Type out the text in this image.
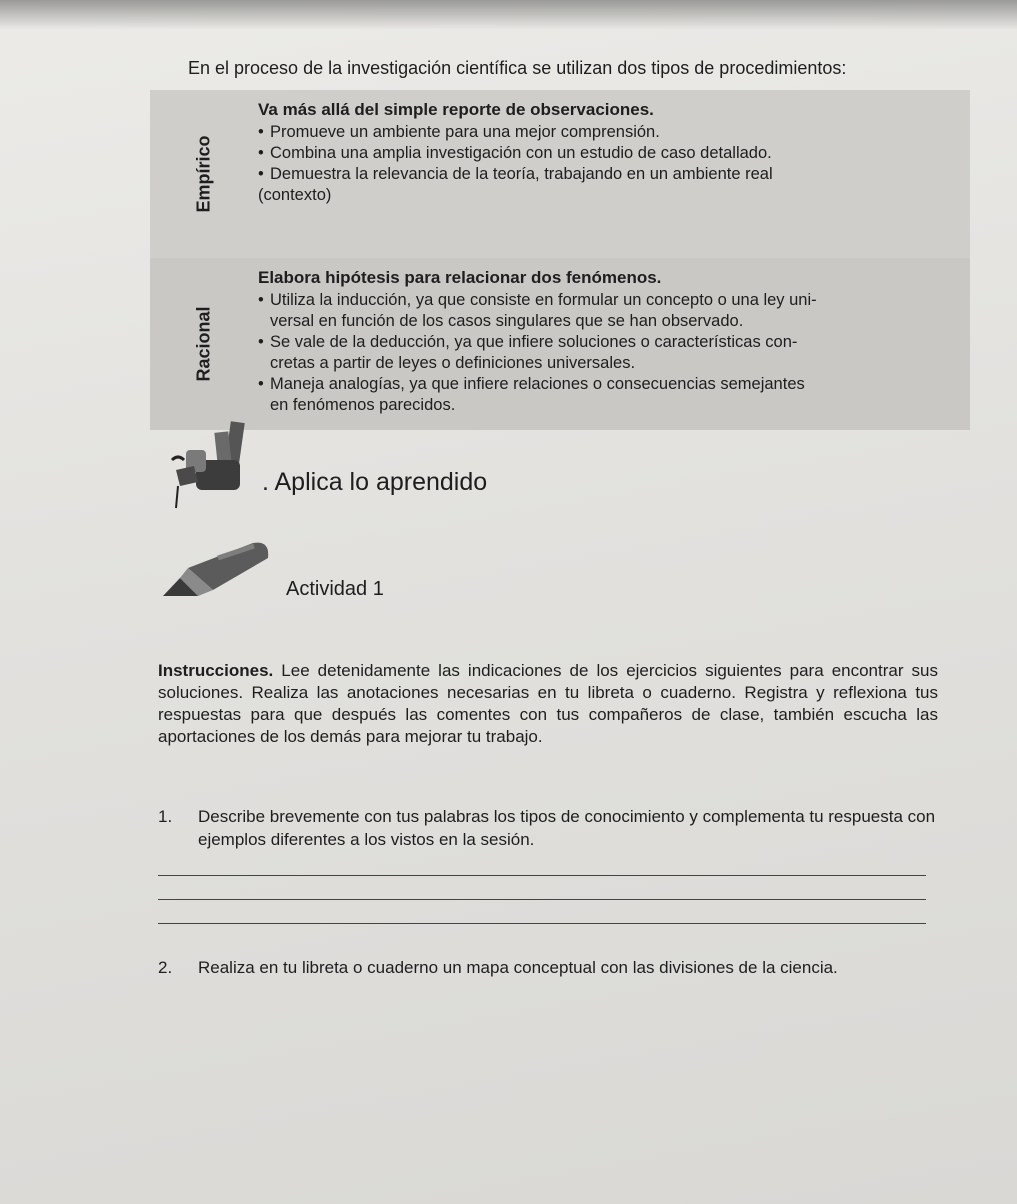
En el proceso de la investigación científica se utilizan dos tipos de procedimientos:
Empírico
Va más allá del simple reporte de observaciones.
• Promueve un ambiente para una mejor comprensión.
• Combina una amplia investigación con un estudio de caso detallado.
• Demuestra la relevancia de la teoría, trabajando en un ambiente real
(contexto)
Racional
Elabora hipótesis para relacionar dos fenómenos.
• Utiliza la inducción, ya que consiste en formular un concepto o una ley uni-
versal en función de los casos singulares que se han observado.
• Se vale de la deducción, ya que infiere soluciones o características con-
cretas a partir de leyes o definiciones universales.
• Maneja analogías, ya que infiere relaciones o consecuencias semejantes
en fenómenos parecidos.
. Aplica lo aprendido
Actividad 1
Instrucciones. Lee detenidamente las indicaciones de los ejercicios siguientes para encontrar sus soluciones. Realiza las anotaciones necesarias en tu libreta o cuaderno. Registra y reflexiona tus respuestas para que después las comentes con tus compañeros de clase, también escucha las aportaciones de los demás para mejorar tu trabajo.
1. Describe brevemente con tus palabras los tipos de conocimiento y complementa tu respuesta con ejemplos diferentes a los vistos en la sesión.
2. Realiza en tu libreta o cuaderno un mapa conceptual con las divisiones de la ciencia.
